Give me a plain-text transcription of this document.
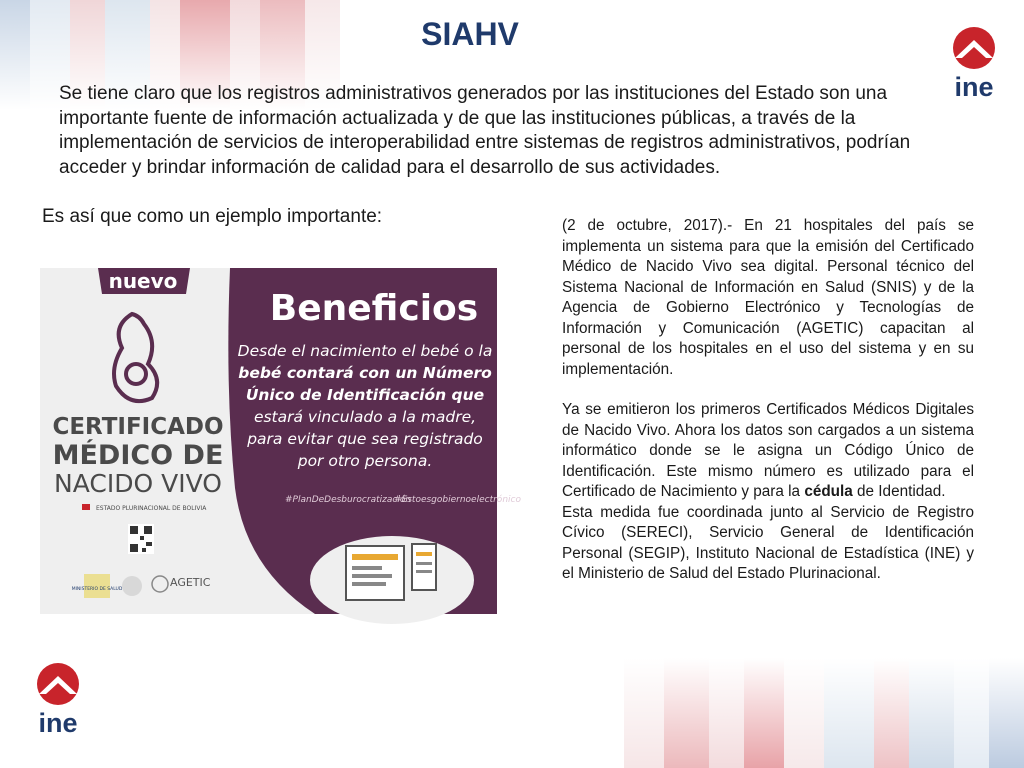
SIAHV
ine
Se tiene claro que los registros administrativos generados por las instituciones del Estado son una importante fuente de información actualizada y de que las instituciones públicas, a través de la implementación de servicios de interoperabilidad entre sistemas de registros administrativos, podrían acceder y brindar información de calidad para el desarrollo de sus actividades.
Es así que como un ejemplo importante:
nuevo
CERTIFICADO
MÉDICO DE
NACIDO VIVO
ESTADO PLURINACIONAL DE BOLIVIA
MINISTERIO DE SALUD
AGETIC
Beneficios
Desde el nacimiento el bebé o la
bebé contará con un Número
Único de Identificación que
estará vinculado a la madre,
para evitar que sea registrado
por otro persona.
#PlanDeDesburocratización
#Estoesgobiernoelectrónico

(2 de octubre, 2017).- En 21 hospitales del país se implementa un sistema para que la emisión del Certificado Médico de Nacido Vivo sea digital. Personal técnico del Sistema Nacional de Información en Salud (SNIS) y de la Agencia de Gobierno Electrónico y Tecnologías de Información y Comunicación (AGETIC) capacitan al personal de los hospitales en el uso del sistema y en su implementación.

Ya se emitieron los primeros Certificados Médicos Digitales de Nacido Vivo. Ahora los datos son cargados a un sistema informático donde se le asigna un Código Único de Identificación. Este mismo número es utilizado para el Certificado de Nacimiento y para la cédula de Identidad.

Esta medida fue coordinada junto al Servicio de Registro Cívico (SERECI), Servicio General de Identificación Personal (SEGIP), Instituto Nacional de Estadística (INE) y el Ministerio de Salud del Estado Plurinacional.

ine
